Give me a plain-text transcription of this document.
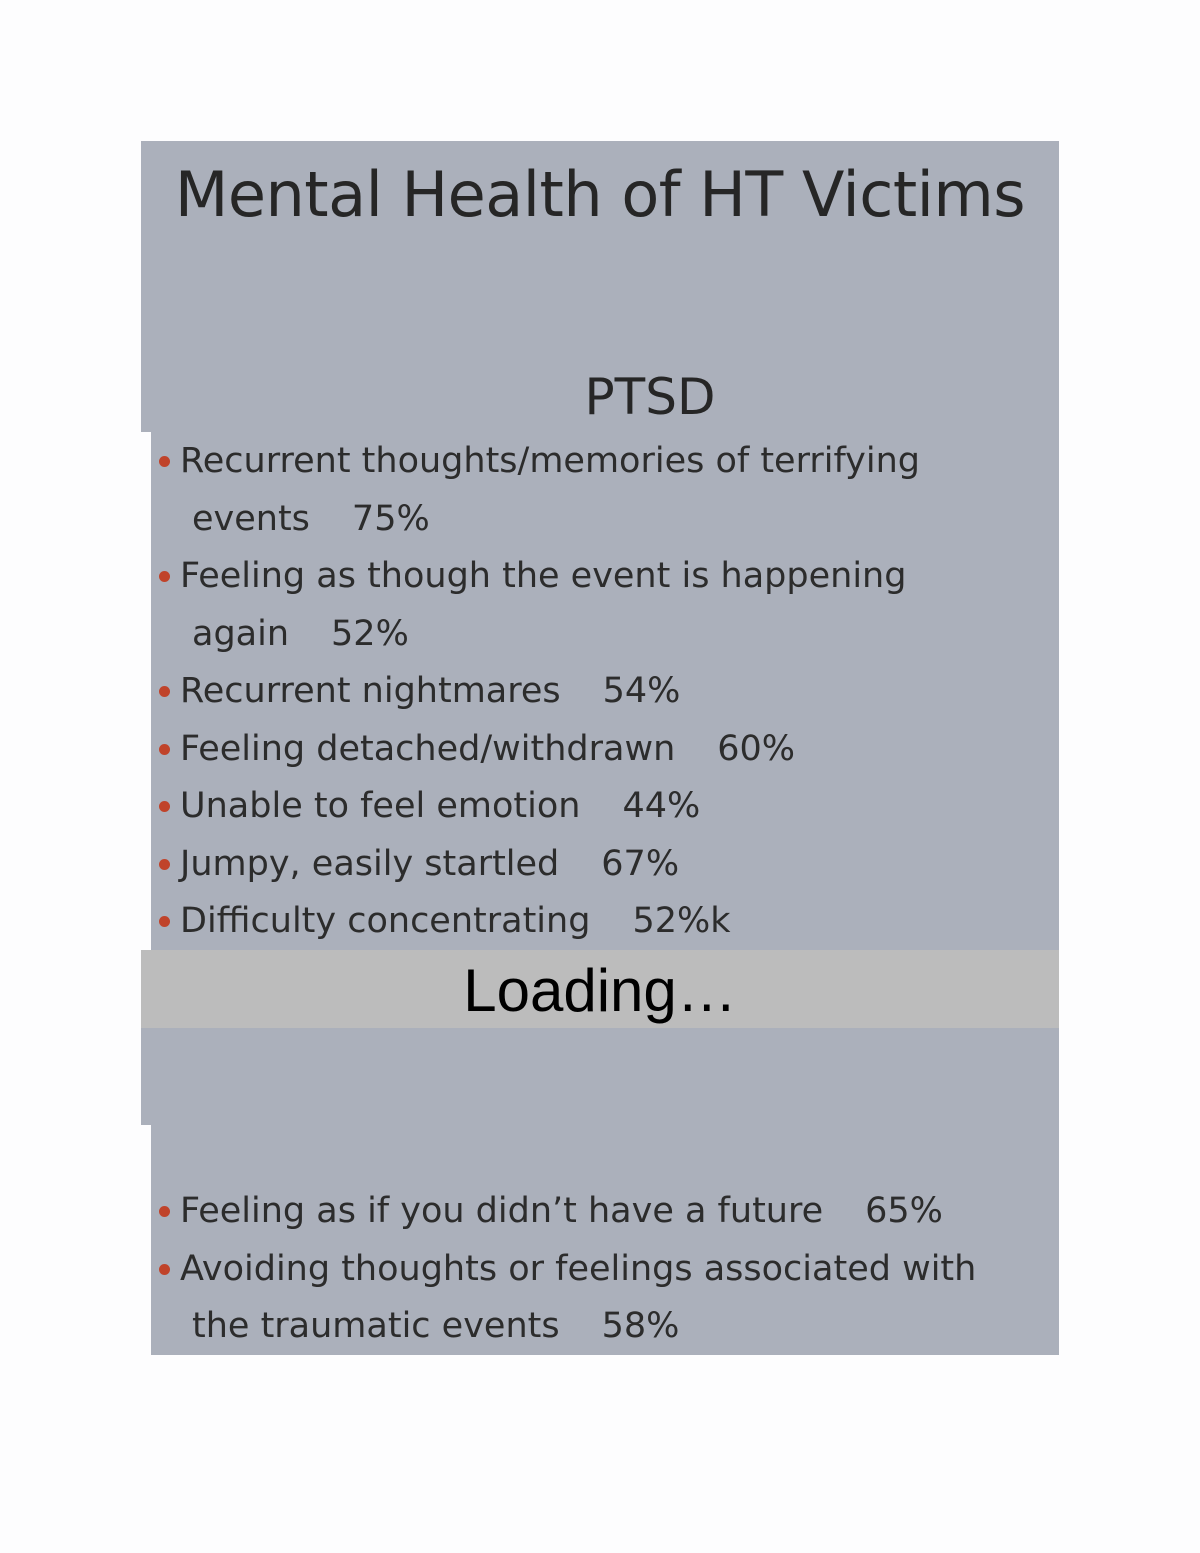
Mental Health of HT Victims
PTSD
Recurrent thoughts/memories of terrifying
events 75%
Feeling as though the event is happening
again 52%
Recurrent nightmares 54%
Feeling detached/withdrawn 60%
Unable to feel emotion 44%
Jumpy, easily startled 67%
Difficulty concentrating 52%k
Loading…
Feeling as if you didn’t have a future 65%
Avoiding thoughts or feelings associated with
the traumatic events 58%
